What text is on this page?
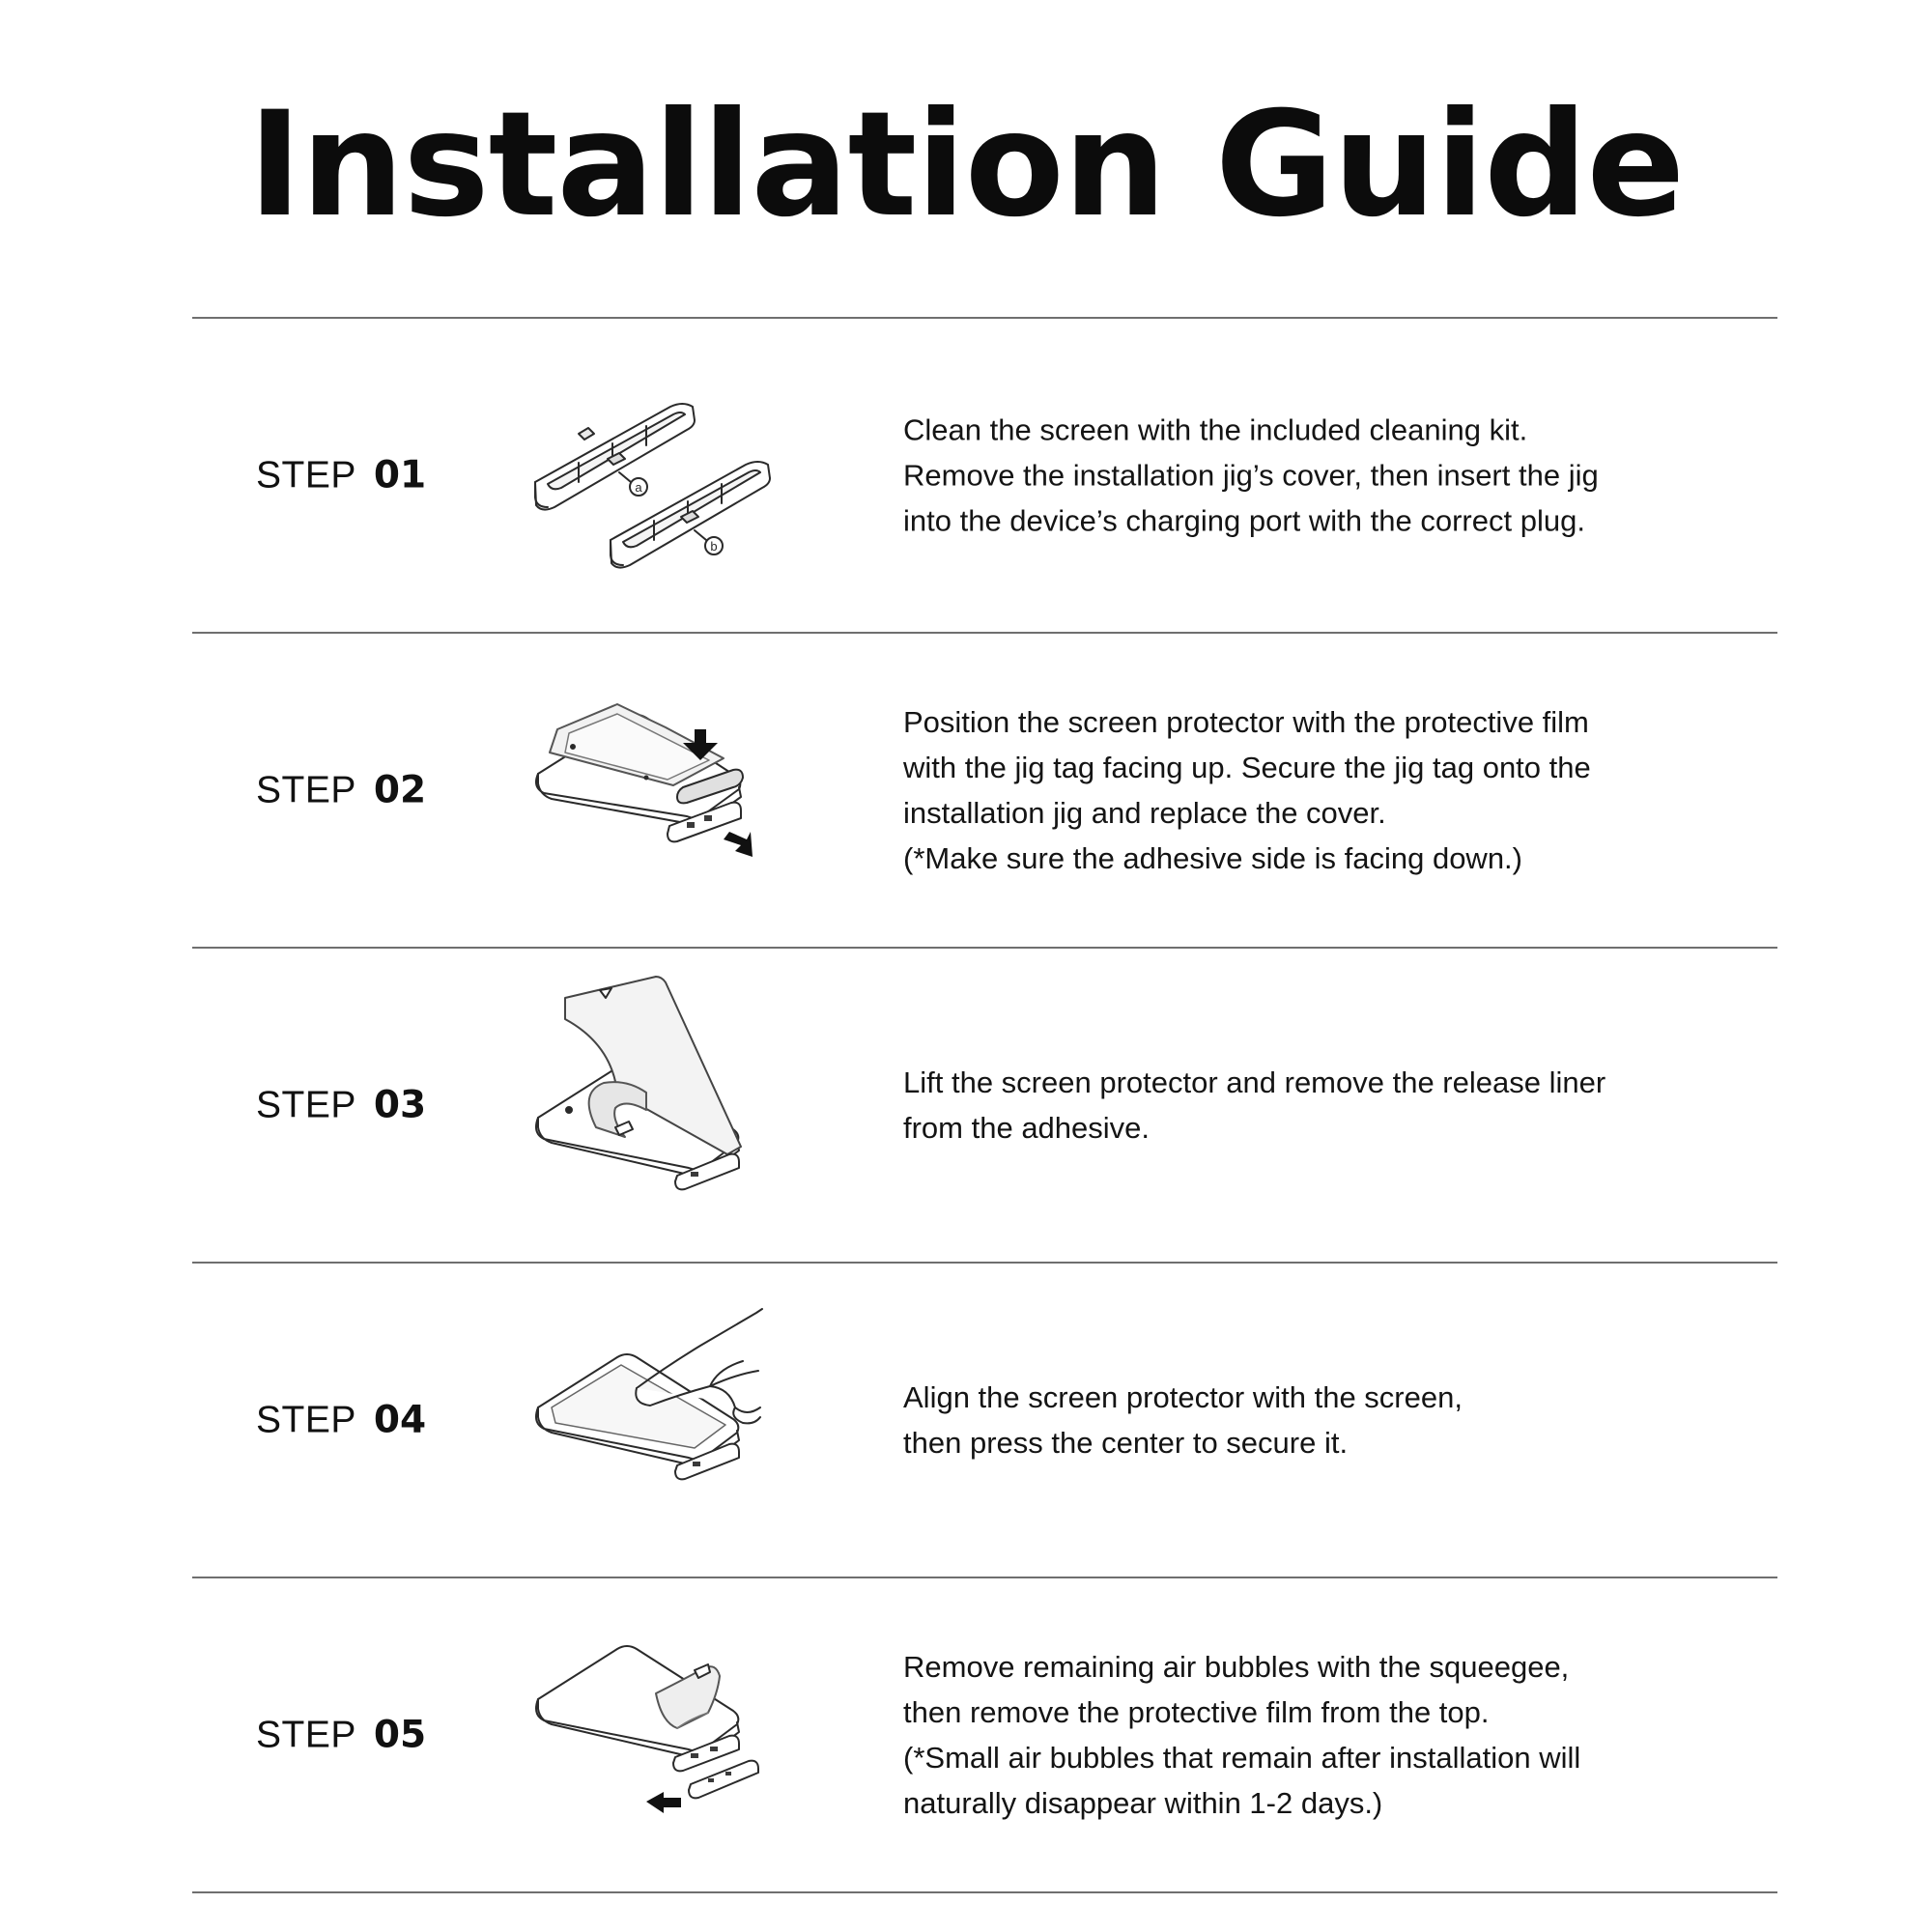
Installation Guide
STEP 01	a
b
Clean the screen with the included cleaning kit.
Remove the installation jig’s cover, then insert the jig
into the device’s charging port with the correct plug.
STEP 02
Position the screen protector with the protective film
with the jig tag facing up. Secure the jig tag onto the
installation jig and replace the cover.
(*Make sure the adhesive side is facing down.)
STEP 03
Lift the screen protector and remove the release liner
from the adhesive.
STEP 04
Align the screen protector with the screen,
then press the center to secure it.
STEP 05
Remove remaining air bubbles with the squeegee,
then remove the protective film from the top.
(*Small air bubbles that remain after installation will
naturally disappear within 1-2 days.)
